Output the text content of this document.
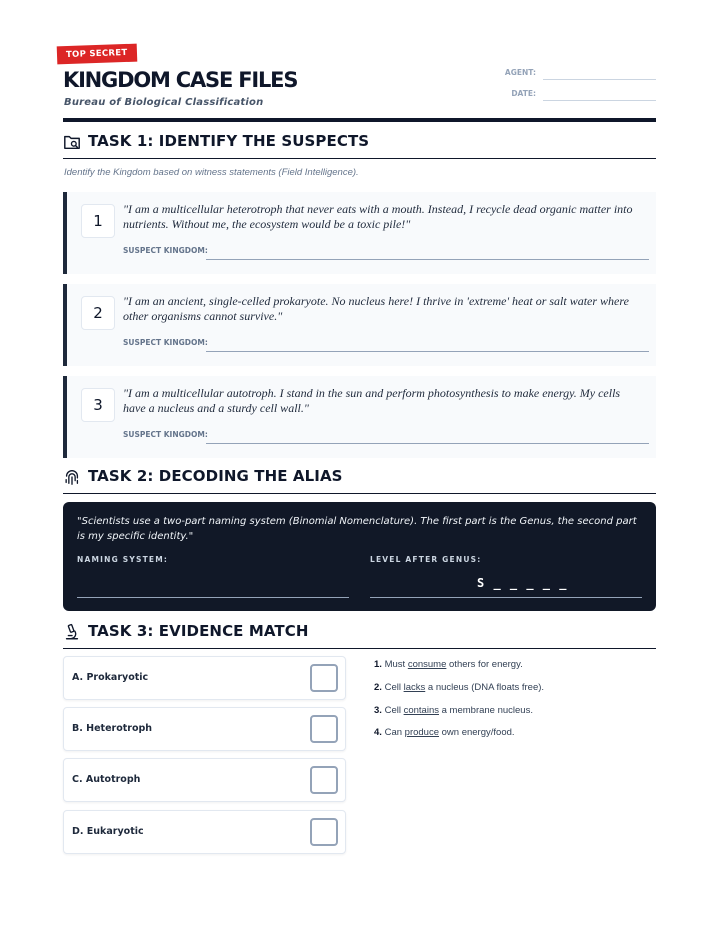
TOP SECRET
KINGDOM CASE FILES
Bureau of Biological Classification
AGENT:
DATE:
TASK 1: IDENTIFY THE SUSPECTS
Identify the Kingdom based on witness statements (Field Intelligence).
1
"I am a multicellular heterotroph that never eats with a mouth. Instead, I recycle dead organic matter into nutrients. Without me, the ecosystem would be a toxic pile!"
SUSPECT KINGDOM:
2
"I am an ancient, single-celled prokaryote. No nucleus here! I thrive in 'extreme' heat or salt water where other organisms cannot survive."
SUSPECT KINGDOM:
3
"I am a multicellular autotroph. I stand in the sun and perform photosynthesis to make energy. My cells have a nucleus and a sturdy cell wall."
SUSPECT KINGDOM:
TASK 2: DECODING THE ALIAS
"Scientists use a two-part naming system (Binomial Nomenclature). The first part is the Genus, the second part is my specific identity."
NAMING SYSTEM:	LEVEL AFTER GENUS:
S _ _ _ _ _
TASK 3: EVIDENCE MATCH
A. Prokaryotic
B. Heterotroph
C. Autotroph
D. Eukaryotic
1. Must consume others for energy.
2. Cell lacks a nucleus (DNA floats free).
3. Cell contains a membrane nucleus.
4. Can produce own energy/food.
